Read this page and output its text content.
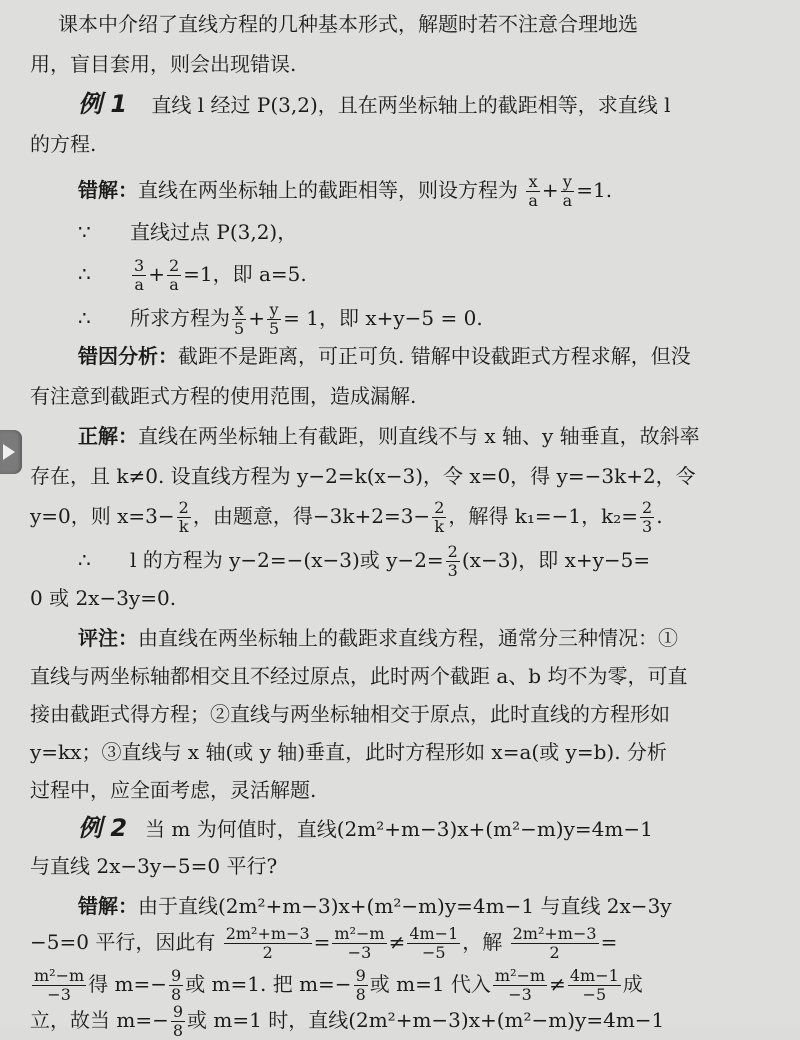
课本中介绍了直线方程的几种基本形式，解题时若不注意合理地选
用，盲目套用，则会出现错误.
例 1 直线 l 经过 P(3,2)，且在两坐标轴上的截距相等，求直线 l
的方程.
错解：直线在两坐标轴上的截距相等，则设方程为 $\frac{x}{a} + \frac{y}{a} =1$.
∵ 直线过点 P(3,2)，
∴	$\frac{3}{a} + \frac{2}{a} =1$，即 a=5.
∴ 所求方程为 $\frac{x}{5} + \frac{y}{5} = 1$，即 x+y−5 = 0.
错因分析：截距不是距离，可正可负. 错解中设截距式方程求解，但没
有注意到截距式方程的使用范围，造成漏解.
正解：直线在两坐标轴上有截距，则直线不与 x 轴、y 轴垂直，故斜率
存在，且 k≠0. 设直线方程为 y−2=k(x−3)，令 x=0，得 y=−3k+2，令
y=0，则 $x=3- \frac{2}{k}$ ，由题意，得$-3k+2=3- \frac{2}{k}$ ，解得 k₁=−1，$k_2= \frac{2}{3}$ .
∴ l 的方程为 y−2=−(x−3)或 $y-2= \frac{2}{3} (x-3)$，即 x+y−5=
0 或 2x−3y=0.
评注：由直线在两坐标轴上的截距求直线方程，通常分三种情况：①
直线与两坐标轴都相交且不经过原点，此时两个截距 a、b 均不为零，可直
接由截距式得方程；②直线与两坐标轴相交于原点，此时直线的方程形如
y=kx；③直线与 x 轴(或 y 轴)垂直，此时方程形如 x=a(或 y=b). 分析
过程中，应全面考虑，灵活解题.
例 2 当 m 为何值时，直线(2m²+m−3)x+(m²−m)y=4m−1
与直线 2x−3y−5=0 平行?
错解：由于直线(2m²+m−3)x+(m²−m)y=4m−1 与直线 2x−3y
−5=0 平行，因此有 $\frac{\text{2m²+m−3}}{2} = \frac{\text{m²−m}}{-3} \ne \frac{4m-1}{-5}$ ，解 $\frac{\text{2m²+m−3}}{2}$ =
$\frac{\text{m²−m}}{-3}$ 得 $m=- \frac{9}{8}$ 或 m=1. 把 $m=- \frac{9}{8}$ 或 m=1 代入 $\frac{\text{m²−m}}{-3} \ne \frac{4m-1}{-5}$ 成
立，故当 $m=- \frac{9}{8}$ 或 m=1 时，直线(2m²+m−3)x+(m²−m)y=4m−1
